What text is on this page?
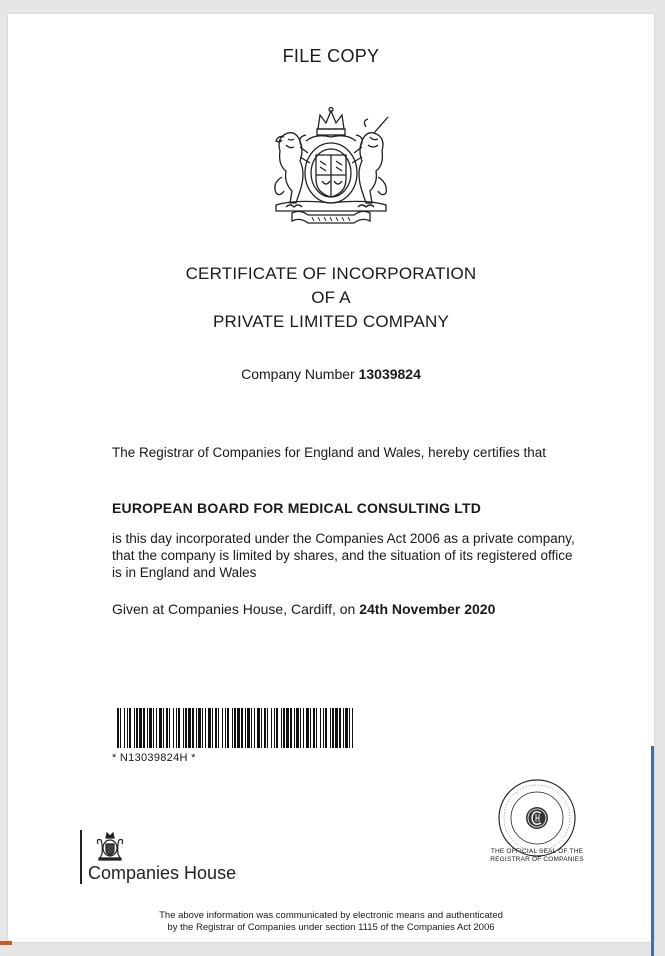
FILE COPY
CERTIFICATE OF INCORPORATION
OF A
PRIVATE LIMITED COMPANY
Company Number 13039824
The Registrar of Companies for England and Wales, hereby certifies that
EUROPEAN BOARD FOR MEDICAL CONSULTING LTD
is this day incorporated under the Companies Act 2006 as a private company, that the company is limited by shares, and the situation of its registered office is in England and Wales
Given at Companies House, Cardiff, on 24th November 2020
* N13039824H *
Companies House
THE OFFICIAL SEAL OF THE
REGISTRAR OF COMPANIES
The above information was communicated by electronic means and authenticated
by the Registrar of Companies under section 1115 of the Companies Act 2006
